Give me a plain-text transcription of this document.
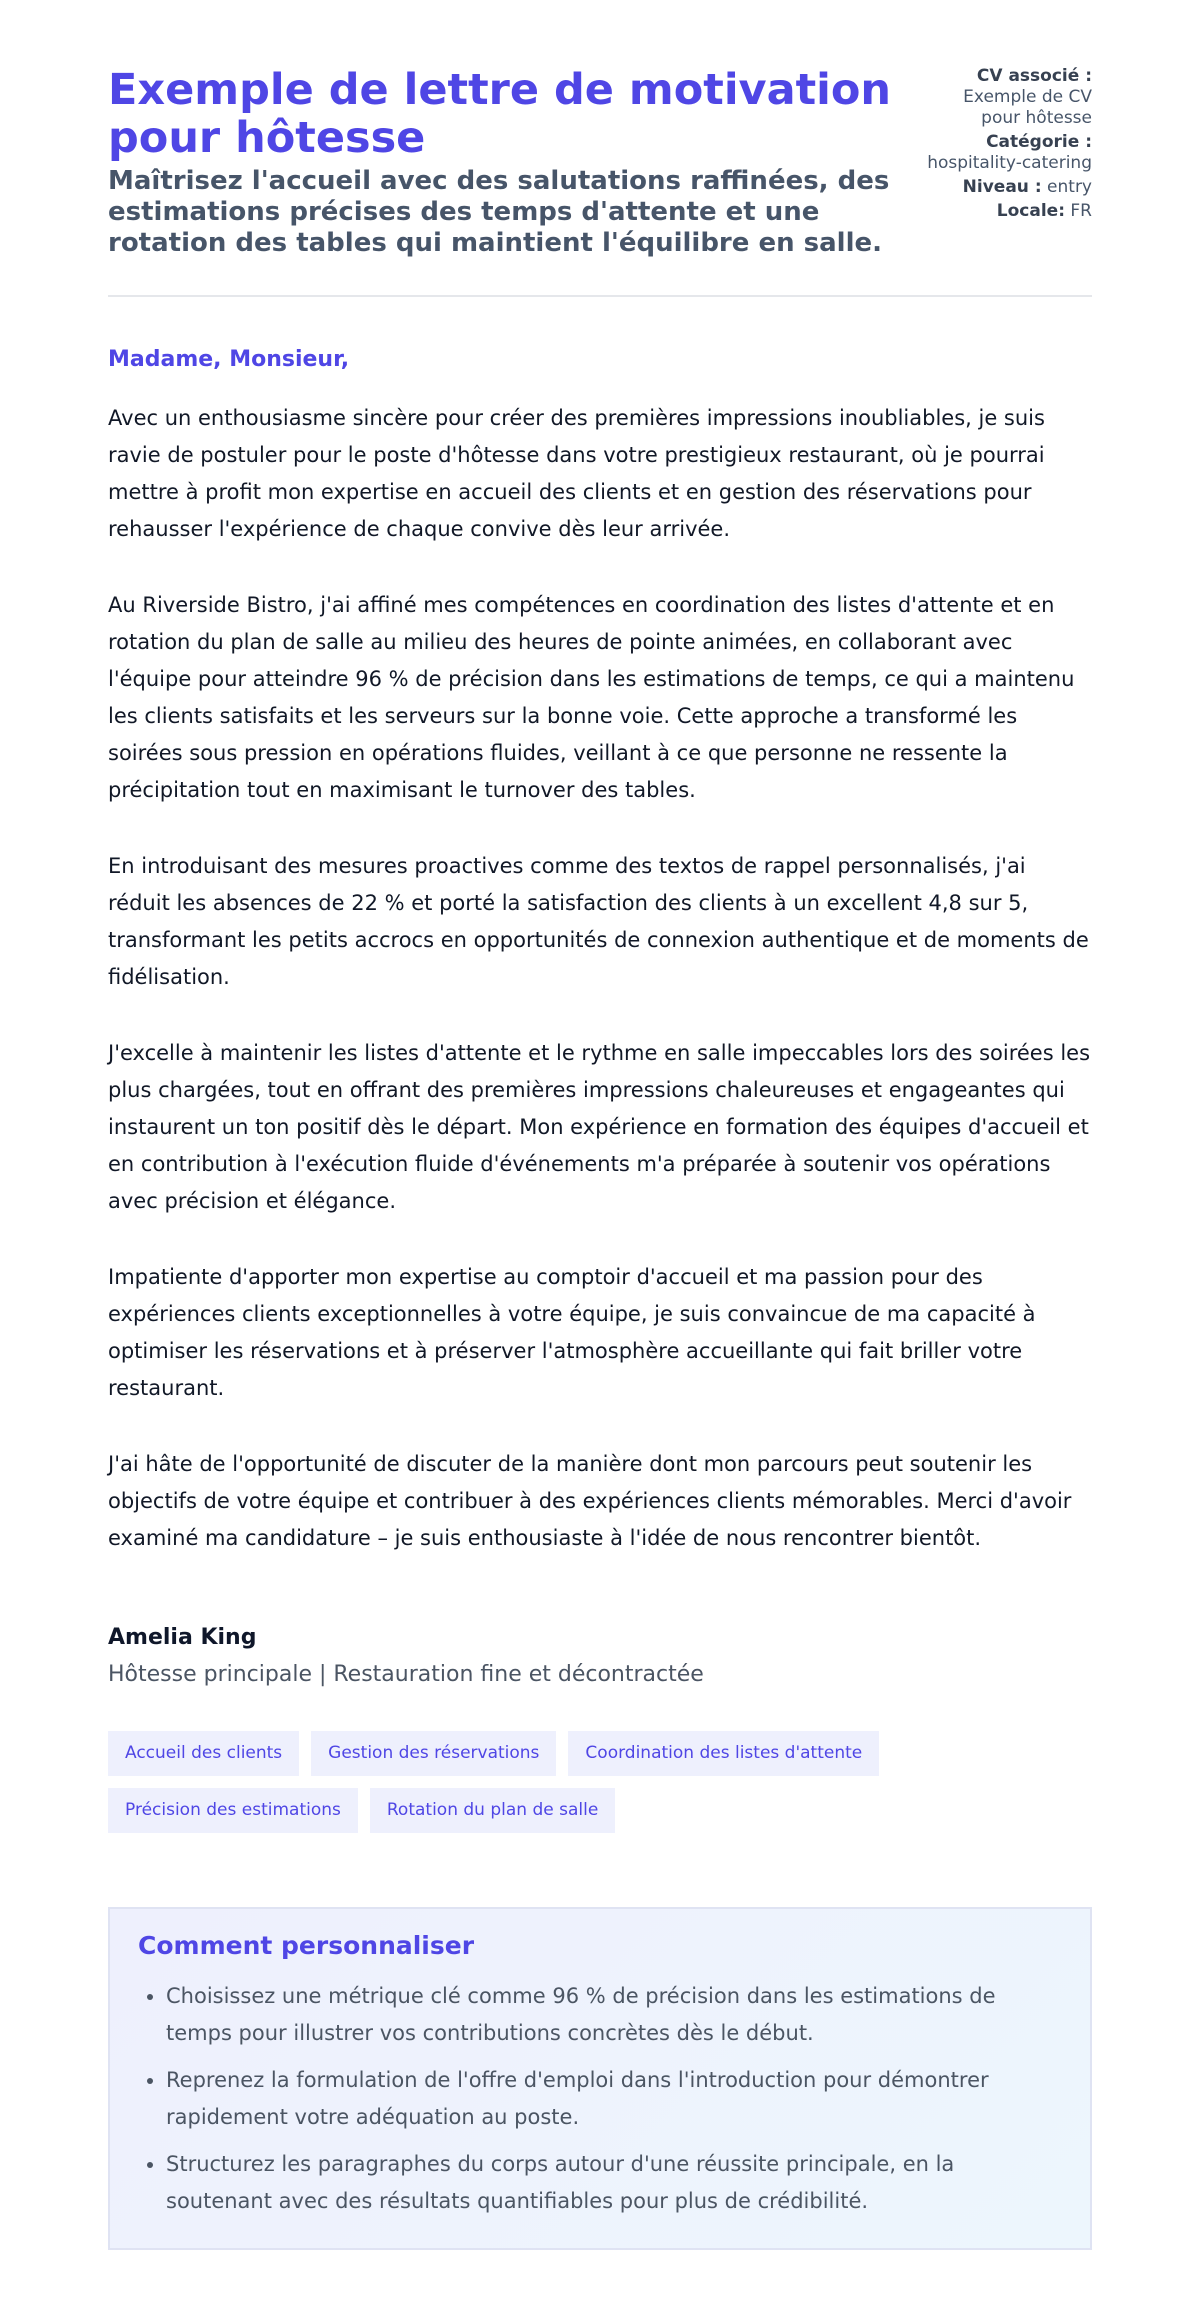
Exemple de lettre de motivation pour hôtesse
Maîtrisez l'accueil avec des salutations raffinées, des estimations précises des temps d'attente et une rotation des tables qui maintient l'équilibre en salle.
CV associé :
Exemple de CV pour hôtesse
Catégorie :
hospitality-catering
Niveau : entry
Locale: FR

Madame, Monsieur,

Avec un enthousiasme sincère pour créer des premières impressions inoubliables, je suis ravie de postuler pour le poste d'hôtesse dans votre prestigieux restaurant, où je pourrai mettre à profit mon expertise en accueil des clients et en gestion des réservations pour rehausser l'expérience de chaque convive dès leur arrivée.

Au Riverside Bistro, j'ai affiné mes compétences en coordination des listes d'attente et en rotation du plan de salle au milieu des heures de pointe animées, en collaborant avec l'équipe pour atteindre 96 % de précision dans les estimations de temps, ce qui a maintenu les clients satisfaits et les serveurs sur la bonne voie. Cette approche a transformé les soirées sous pression en opérations fluides, veillant à ce que personne ne ressente la précipitation tout en maximisant le turnover des tables.

En introduisant des mesures proactives comme des textos de rappel personnalisés, j'ai réduit les absences de 22 % et porté la satisfaction des clients à un excellent 4,8 sur 5, transformant les petits accrocs en opportunités de connexion authentique et de moments de fidélisation.

J'excelle à maintenir les listes d'attente et le rythme en salle impeccables lors des soirées les plus chargées, tout en offrant des premières impressions chaleureuses et engageantes qui instaurent un ton positif dès le départ. Mon expérience en formation des équipes d'accueil et en contribution à l'exécution fluide d'événements m'a préparée à soutenir vos opérations avec précision et élégance.

Impatiente d'apporter mon expertise au comptoir d'accueil et ma passion pour des expériences clients exceptionnelles à votre équipe, je suis convaincue de ma capacité à optimiser les réservations et à préserver l'atmosphère accueillante qui fait briller votre restaurant.

J'ai hâte de l'opportunité de discuter de la manière dont mon parcours peut soutenir les objectifs de votre équipe et contribuer à des expériences clients mémorables. Merci d'avoir examiné ma candidature – je suis enthousiaste à l'idée de nous rencontrer bientôt.

Amelia King

Hôtesse principale | Restauration fine et décontractée

Accueil des clients	Gestion des réservations	Coordination des listes d'attente
Précision des estimations	Rotation du plan de salle
Comment personnaliser
• Choisissez une métrique clé comme 96 % de précision dans les estimations de temps pour illustrer vos contributions concrètes dès le début.
• Reprenez la formulation de l'offre d'emploi dans l'introduction pour démontrer rapidement votre adéquation au poste.
• Structurez les paragraphes du corps autour d'une réussite principale, en la soutenant avec des résultats quantifiables pour plus de crédibilité.
